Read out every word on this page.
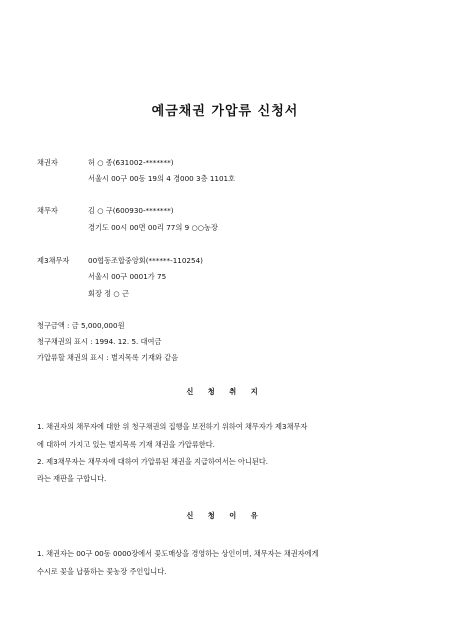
예금채권 가압류 신청서
채권자	허 ○ 종(631002-*******)
서울시 00구 00동 19의 4 경000 3층 1101호
채무자	김 ○ 구(600930-*******)
경기도 00시 00면 00리 77의 9 ○○농장
제3채무자	00협동조합중앙회(******-110254)
서울시 00구 0001가 75
회장 정 ○ 근
청구금액 : 금 5,000,000원
청구채권의 표시 : 1994. 12. 5. 대여금
가압류할 채권의 표시 : 별지목록 기재와 같음
신 청 취 지
1. 채권자의 채무자에 대한 위 청구채권의 집행을 보전하기 위하여 채무자가 제3채무자
에 대하여 가지고 있는 별지목록 기재 채권을 가압류한다.
2. 제3채무자는 채무자에 대하여 가압류된 채권을 지급하여서는 아니된다.
라는 재판을 구합니다.
신 청 이 유
1. 채권자는 00구 00동 0000장에서 꽃도매상을 경영하는 상인이며, 채무자는 채권자에게
수시로 꽃을 납품하는 꽃농장 주인입니다.
